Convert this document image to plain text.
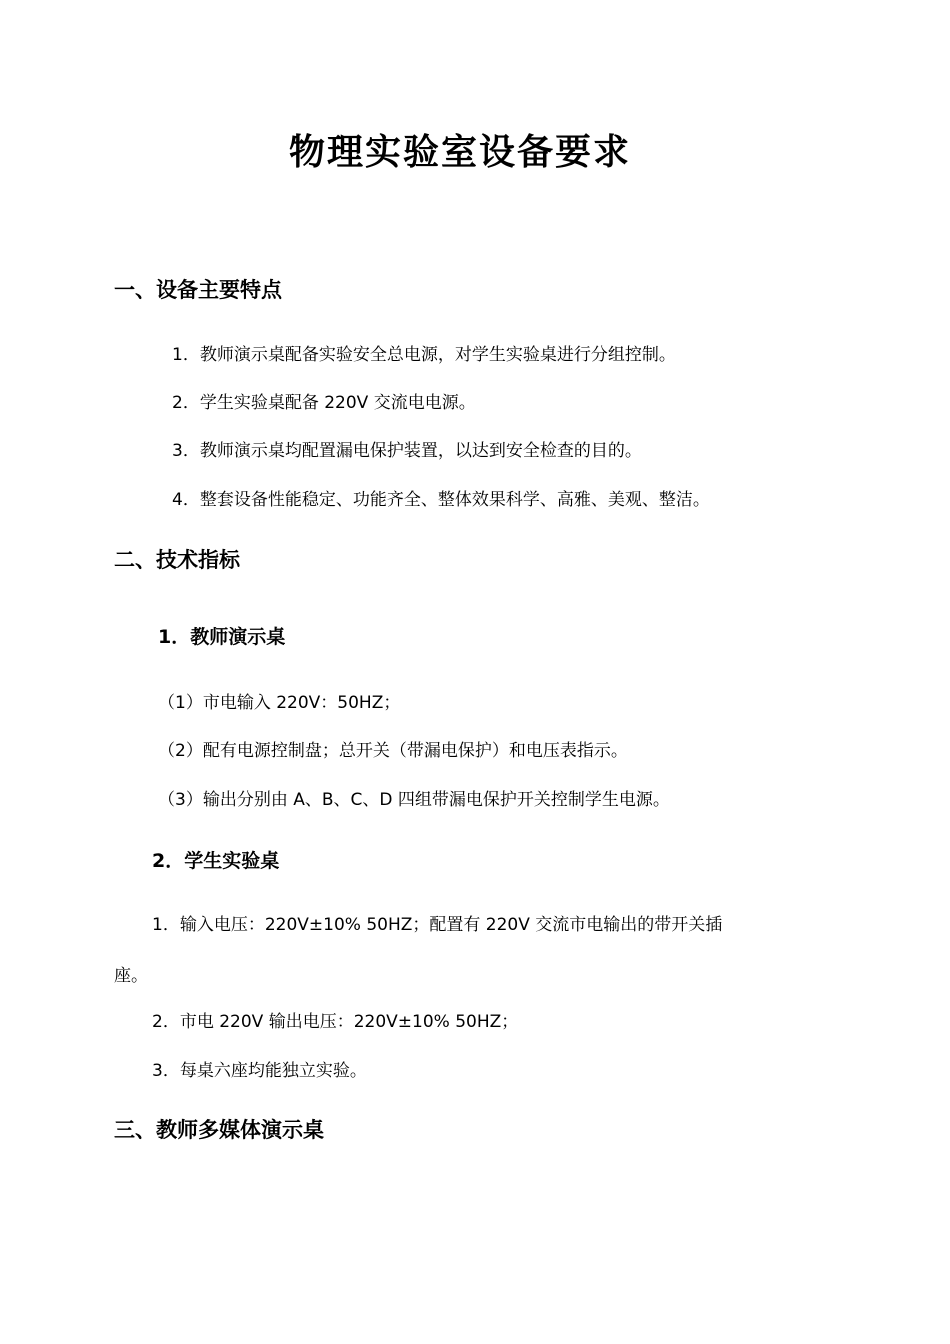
物理实验室设备要求
一、设备主要特点
1．教师演示桌配备实验安全总电源，对学生实验桌进行分组控制。
2．学生实验桌配备 220V 交流电电源。
3．教师演示桌均配置漏电保护装置，以达到安全检查的目的。
4．整套设备性能稳定、功能齐全、整体效果科学、高雅、美观、整洁。
二、技术指标
1．教师演示桌
（1）市电输入 220V：50HZ；
（2）配有电源控制盘；总开关（带漏电保护）和电压表指示。
（3）输出分别由 A、B、C、D 四组带漏电保护开关控制学生电源。
2．学生实验桌
1．输入电压：220V±10% 50HZ；配置有 220V 交流市电输出的带开关插
座。
2．市电 220V 输出电压：220V±10% 50HZ；
3．每桌六座均能独立实验。
三、教师多媒体演示桌
